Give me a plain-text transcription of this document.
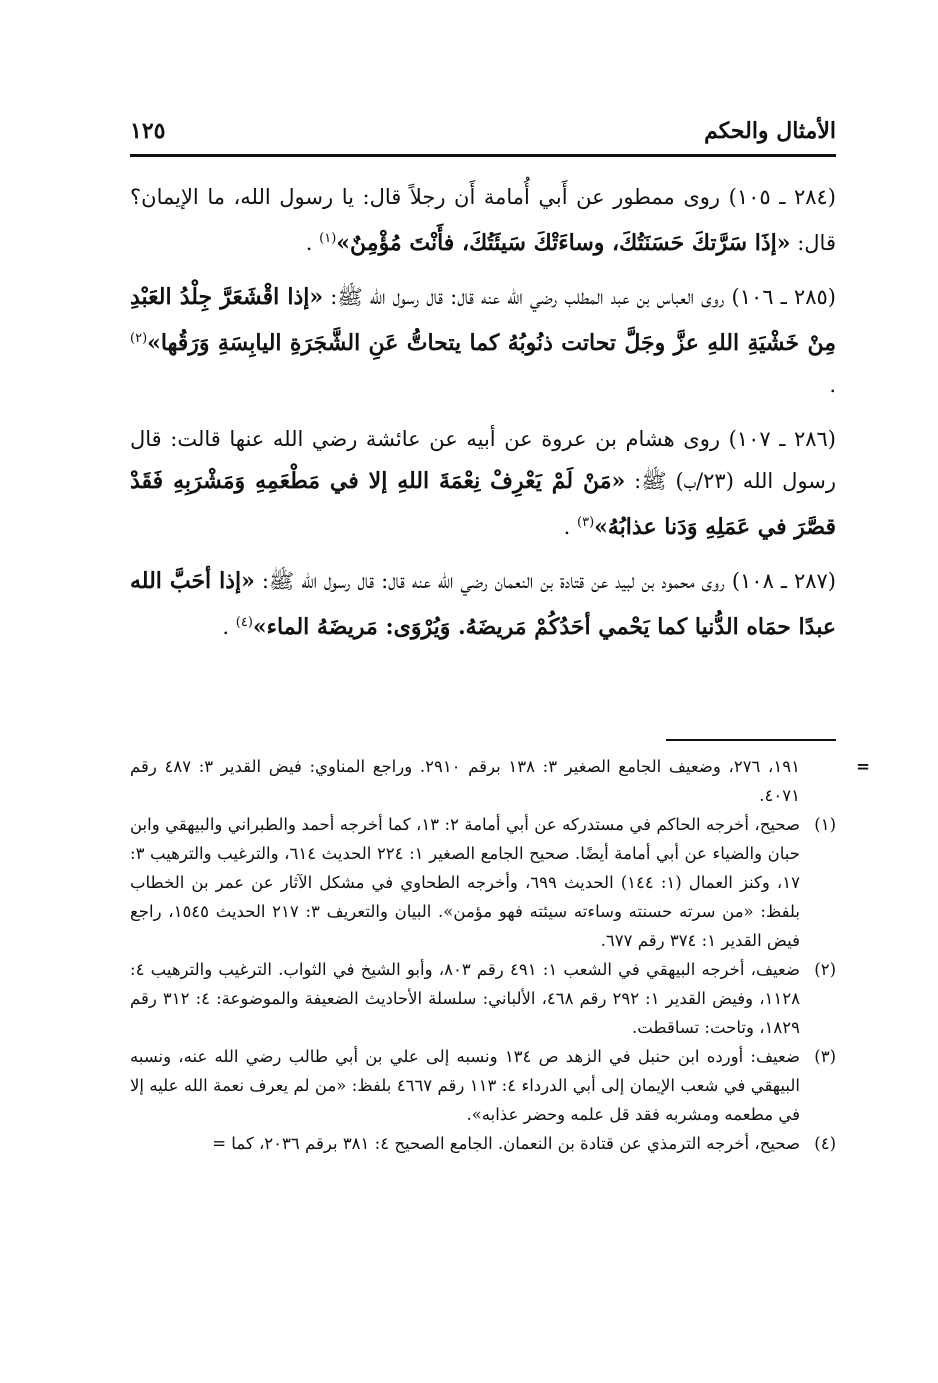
الأمثال والحكم
١٢٥

(٢٨٤ ـ ١٠٥) روى ممطور عن أَبي أُمامة أَن رجلاً قال: يا رسول الله، ما الإيمان؟ قال: «إذَا سَرَّتكَ حَسَنَتُكَ، وساءَتْكَ سَيئَتُكَ، فأَنْتَ مُؤْمِنٌ»$^{(١)}$ .

(٢٨٥ ـ ١٠٦) روى العباس بن عبد المطلب رضي الله عنه قال: قال رسول الله ﷺ: «إذا اقْشَعَرَّ جِلْدُ العَبْدِ مِنْ خَشْيَةِ اللهِ عزَّ وجَلَّ تحاتت ذنُوبُهُ كما يتحاتُّ عَنِ الشَّجَرَةِ اليابِسَةِ وَرَقُها»$^{(٢)}$ .

(٢٨٦ ـ ١٠٧) روى هشام بن عروة عن أبيه عن عائشة رضي الله عنها قالت: قال رسول الله (٢٣/ب) ﷺ: «مَنْ لَمْ يَعْرِفْ نِعْمَةَ اللهِ إلا في مَطْعَمِهِ وَمَشْرَبِهِ فَقَدْ قصَّرَ في عَمَلِهِ وَدَنا عذابُهُ»$^{(٣)}$ .

(٢٨٧ ـ ١٠٨) روى محمود بن لبيد عن قتادة بن النعمان رضي الله عنه قال: قال رسول الله ﷺ: «إذا أحَبَّ الله عبدًا حمَاه الدُّنيا كما يَحْمي أحَدُكُمْ مَريضَهُ. وَيُرْوَى: مَريضَهُ الماء»$^{(٤)}$ .

=
١٩١، ٢٧٦، وضعيف الجامع الصغير ٣: ١٣٨ برقم ٢٩١٠. وراجع المناوي: فيض القدير ٣: ٤٨٧ رقم ٤٠٧١.

(١)
صحيح، أخرجه الحاكم في مستدركه عن أبي أمامة ٢: ١٣، كما أخرجه أحمد والطبراني والبيهقي وابن حبان والضياء عن أبي أمامة أيضًا. صحيح الجامع الصغير ١: ٢٢٤ الحديث ٦١٤، والترغيب والترهيب ٣: ١٧، وكنز العمال (١: ١٤٤) الحديث ٦٩٩، وأخرجه الطحاوي في مشكل الآثار عن عمر بن الخطاب بلفظ: «من سرته حسنته وساءته سيئته فهو مؤمن». البيان والتعريف ٣: ٢١٧ الحديث ١٥٤٥، راجع فيض القدير ١: ٣٧٤ رقم ٦٧٧.

(٢)
ضعيف، أخرجه البيهقي في الشعب ١: ٤٩١ رقم ٨٠٣، وأبو الشيخ في الثواب. الترغيب والترهيب ٤: ١١٢٨، وفيض القدير ١: ٢٩٢ رقم ٤٦٨، الألباني: سلسلة الأحاديث الضعيفة والموضوعة: ٤: ٣١٢ رقم ١٨٢٩، وتاحت: تساقطت.

(٣)
ضعيف: أورده ابن حنبل في الزهد ص ١٣٤ ونسبه إلى علي بن أبي طالب رضي الله عنه، ونسبه البيهقي في شعب الإيمان إلى أبي الدرداء ٤: ١١٣ رقم ٤٦٦٧ بلفظ: «من لم يعرف نعمة الله عليه إلا في مطعمه ومشربه فقد قل علمه وحضر عذابه».

(٤)
صحيح، أخرجه الترمذي عن قتادة بن النعمان. الجامع الصحيح ٤: ٣٨١ برقم ٢٠٣٦، كما =
